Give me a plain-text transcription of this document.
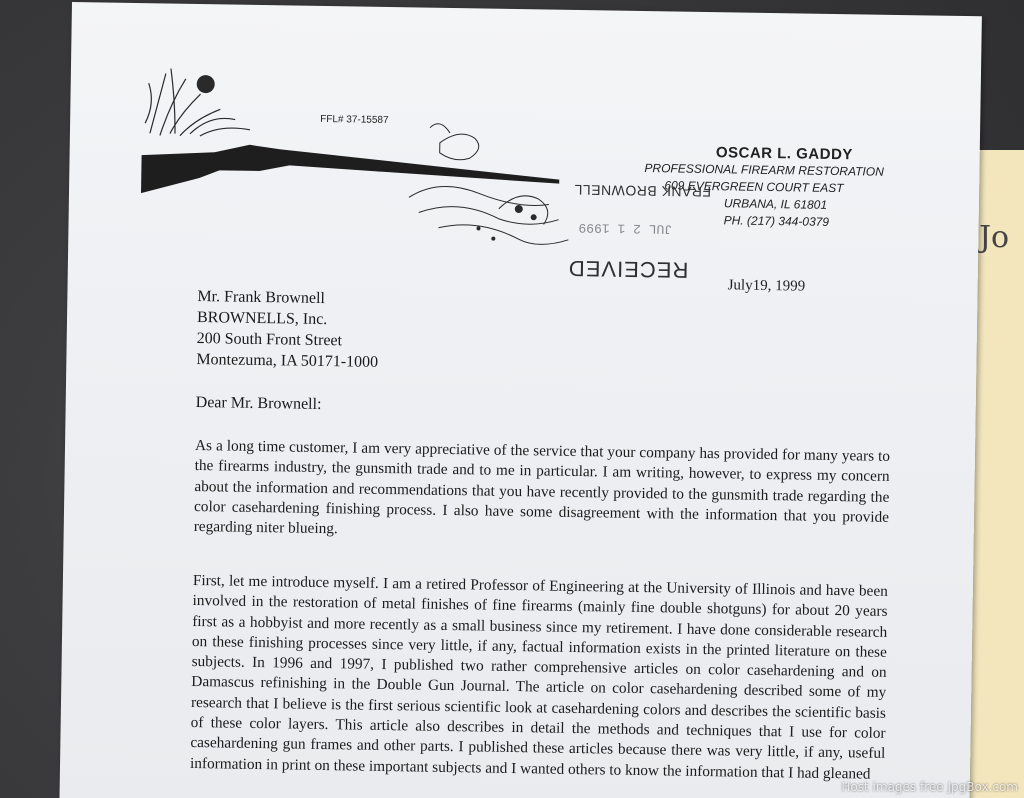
Jo
FFL# 37-15587
FRANK BROWNELL
JUL 2 1 1999
RECEIVED
OSCAR L. GADDY
PROFESSIONAL FIREARM RESTORATION
609 EVERGREEN COURT EAST
URBANA, IL 61801
PH. (217) 344-0379
July19, 1999
Mr. Frank Brownell
BROWNELLS, Inc.
200 South Front Street
Montezuma, IA 50171-1000
Dear Mr. Brownell:
As a long time customer, I am very appreciative of the service that your company has provided for many years to the firearms industry, the gunsmith trade and to me in particular. I am writing, however, to express my concern about the information and recommendations that you have recently provided to the gunsmith trade regarding the color casehardening finishing process. I also have some disagreement with the information that you provide regarding niter blueing.
First, let me introduce myself. I am a retired Professor of Engineering at the University of Illinois and have been involved in the restoration of metal finishes of fine firearms (mainly fine double shotguns) for about 20 years first as a hobbyist and more recently as a small business since my retirement. I have done considerable research on these finishing processes since very little, if any, factual information exists in the printed literature on these subjects. In 1996 and 1997, I published two rather comprehensive articles on color casehardening and on Damascus refinishing in the Double Gun Journal. The article on color casehardening described some of my research that I believe is the first serious scientific look at casehardening colors and describes the scientific basis of these color layers. This article also describes in detail the methods and techniques that I use for color casehardening gun frames and other parts. I published these articles because there was very little, if any, useful information in print on these important subjects and I wanted others to know the information that I had gleaned
Host images free JpgBox.com
